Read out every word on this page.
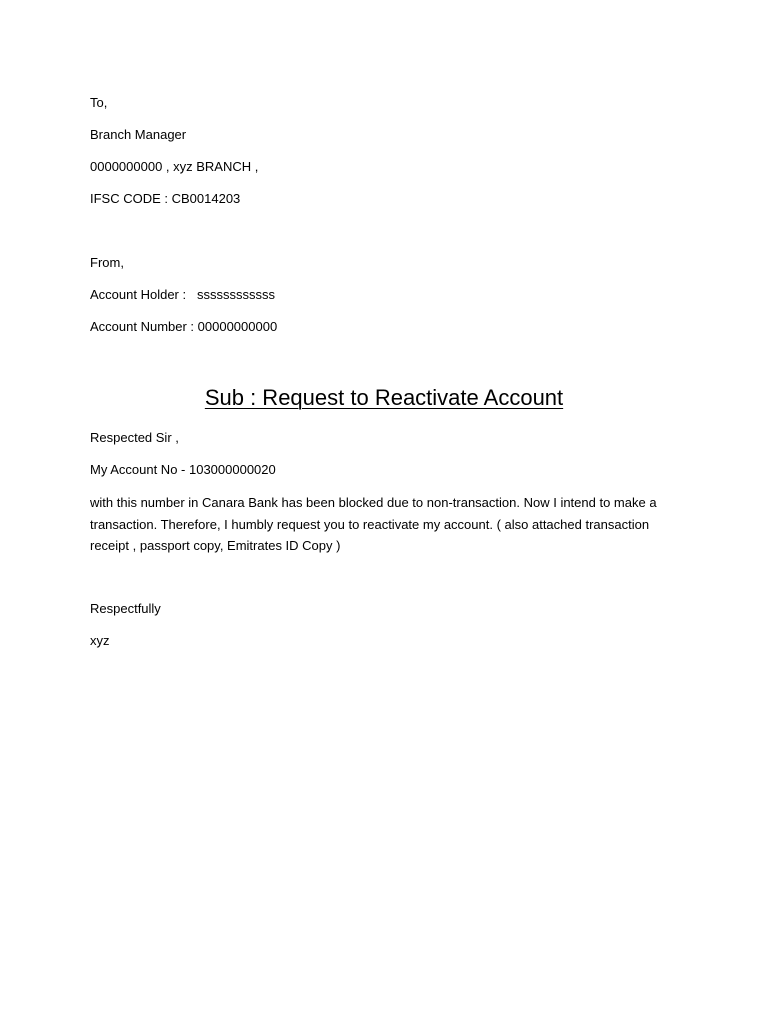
To,
Branch Manager
0000000000 , xyz BRANCH ,
IFSC CODE : CB0014203
From,
Account Holder :   ssssssssssss
Account Number : 00000000000
Sub : Request to Reactivate Account
Respected Sir ,
My Account No - 103000000020
with this number in Canara Bank has been blocked due to non-transaction. Now I intend to make a transaction. Therefore, I humbly request you to reactivate my account. ( also attached transaction receipt , passport copy, Emitrates ID Copy )
Respectfully
xyz
